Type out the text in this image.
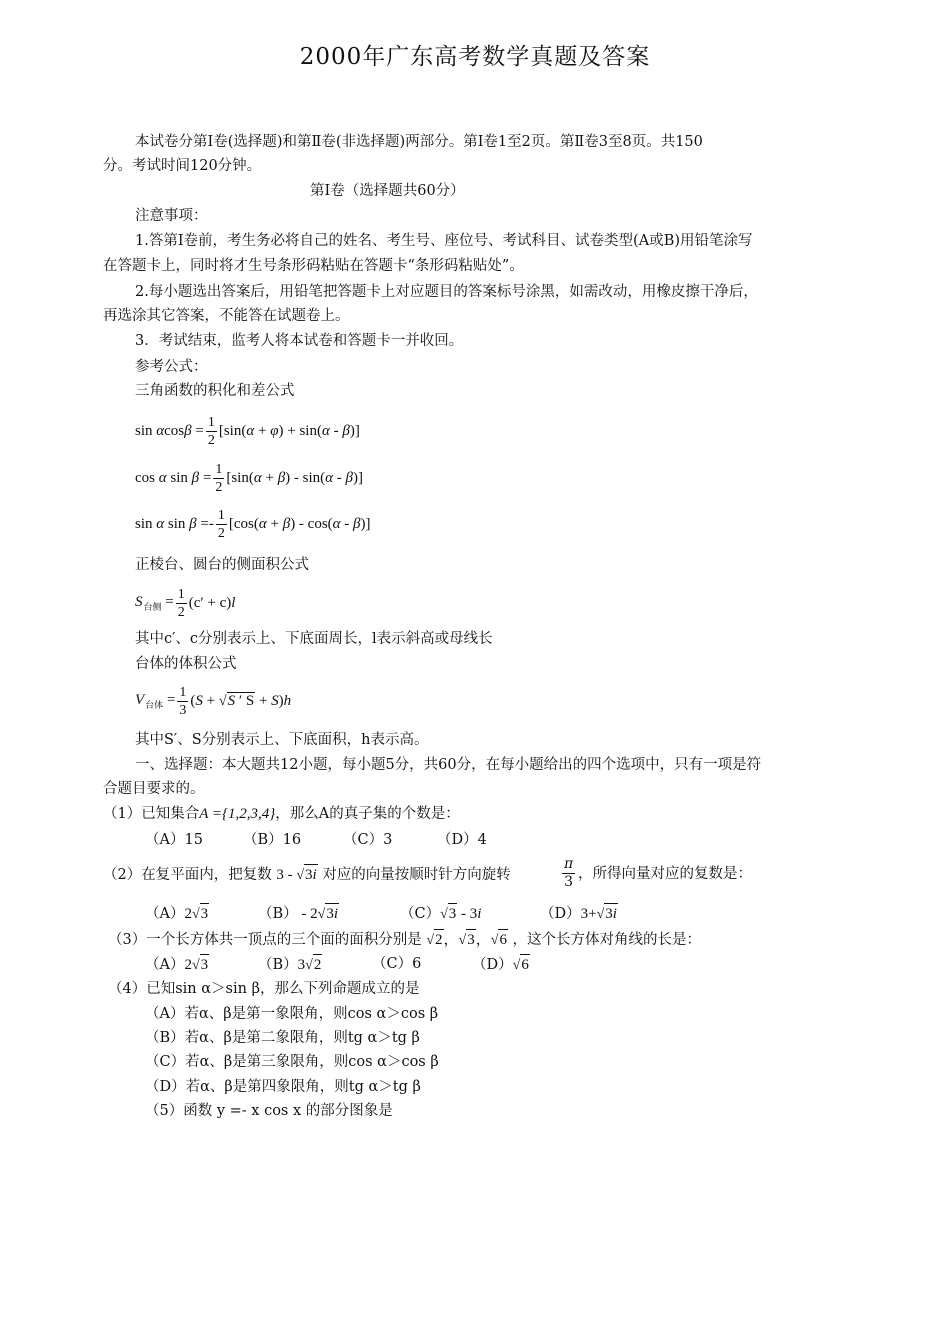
2000年广东高考数学真题及答案
本试卷分第Ⅰ卷(选择题)和第Ⅱ卷(非选择题)两部分。第Ⅰ卷1至2页。第Ⅱ卷3至8页。共150
分。考试时间120分钟。
第Ⅰ卷（选择题共60分）
注意事项：
1.答第Ⅰ卷前，考生务必将自己的姓名、考生号、座位号、考试科目、试卷类型(A或B)用铅笔涂写
在答题卡上，同时将才生号条形码粘贴在答题卡“条形码粘贴处”。
2.每小题选出答案后，用铅笔把答题卡上对应题目的答案标号涂黑，如需改动，用橡皮擦干净后，
再选涂其它答案，不能答在试题卷上。
3．考试结束，监考人将本试卷和答题卡一并收回。
参考公式：
三角函数的积化和差公式
$\sin \alpha\cos\beta = \frac{1}{2} [\sin(\alpha + \varphi) + \sin(\alpha - \beta)]$
cos α $\sin \beta = \frac{1}{2} [\sin(\alpha + \beta) - \sin(\alpha - \beta)]$
sin α $\sin \beta =- \frac{1}{2} [\cos(\alpha + \beta) - \cos(\alpha - \beta)]$
正棱台、圆台的侧面积公式
$S_{台侧} = \frac{1}{2} (c' + c)l$
其中c′、c分别表示上、下底面周长，l表示斜高或母线长
台体的体积公式
$V_{台体} = \frac{1}{3} (S + √S$ ′ S + S)h
其中S′、S分别表示上、下底面积，h表示高。
一、选择题：本大题共12小题，每小题5分，共60分，在每小题给出的四个选项中，只有一项是符
合题目要求的。
（1）已知集合A ={1,2,3,4}，那么A的真子集的个数是：
（A）15	（B）16	（C）3	（D）4
（2）在复平面内，把复数 3 - √3i 对应的向量按顺时针方向旋转	$\frac{\pi}{3}$ ，所得向量对应的复数是：
（A）2√3	（B） - 2√3i	（C）√3 - 3i	（D）3+√3i
（3）一个长方体共一顶点的三个面的面积分别是 √2，√3，√6 ，这个长方体对角线的长是：
（A）2√3	（B）3√2	（C）6	（D）√6
（4）已知sin α＞sin β，那么下列命题成立的是
（A）若α、β是第一象限角，则cos α＞cos β
（B）若α、β是第二象限角，则tg α＞tg β
（C）若α、β是第三象限角，则cos α＞cos β
（D）若α、β是第四象限角，则tg α＞tg β
（5）函数 y =- x cos x 的部分图象是
